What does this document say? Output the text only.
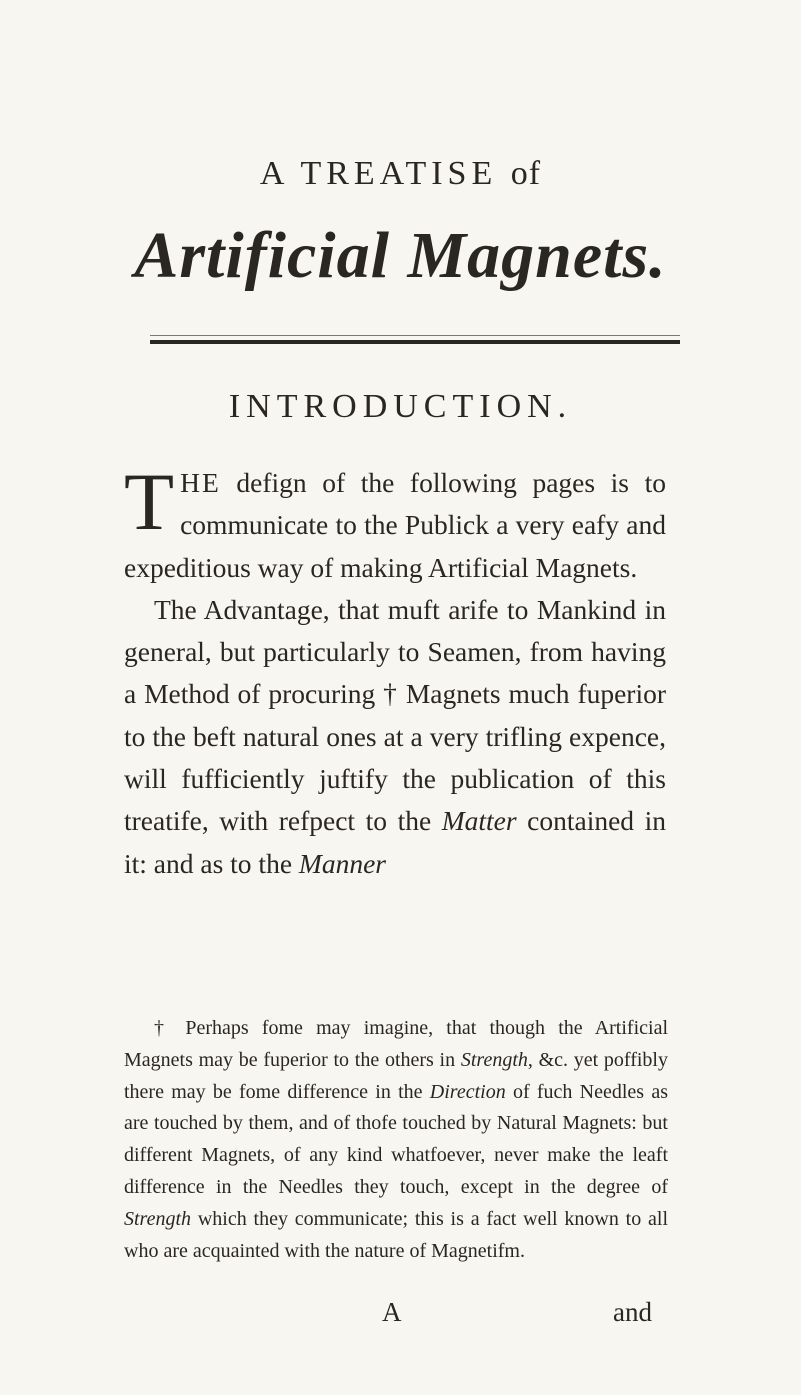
A TREATISE of
Artificial Magnets.
INTRODUCTION.

THE defign of the following pages is to communicate to the Publick a very eafy and expeditious way of making Artificial Magnets.

The Advantage, that muft arife to Mankind in general, but particularly to Seamen, from having a Method of procuring † Magnets much fuperior to the beft natural ones at a very trifling expence, will fufficiently juftify the publication of this treatife, with refpect to the Matter contained in it: and as to the Manner

† Perhaps fome may imagine, that though the Artificial Magnets may be fuperior to the others in Strength, &c. yet poffibly there may be fome difference in the Direction of fuch Needles as are touched by them, and of thofe touched by Natural Magnets: but different Magnets, of any kind whatfoever, never make the leaft difference in the Needles they touch, except in the degree of Strength which they communicate; this is a fact well known to all who are acquainted with the nature of Magnetifm.

A	and
